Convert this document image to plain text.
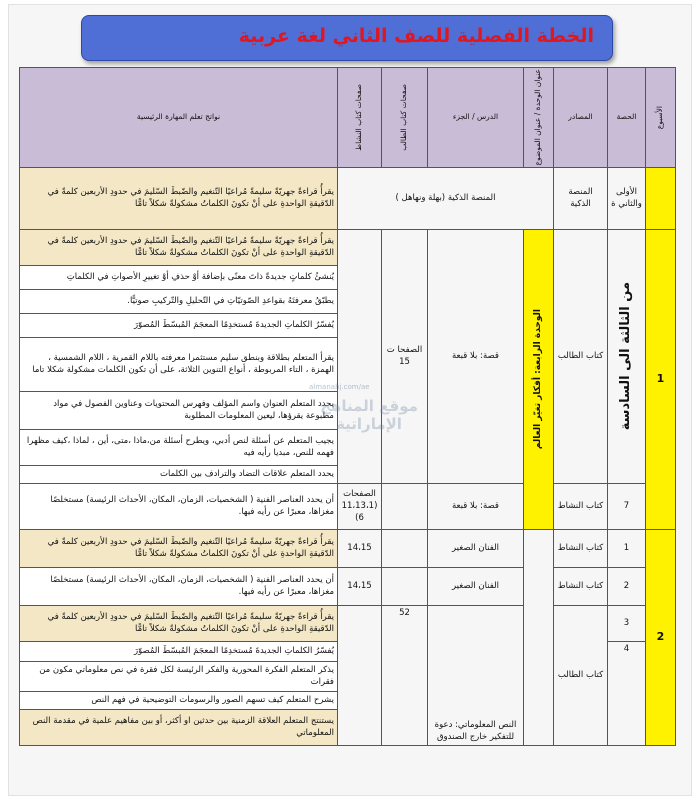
الخطة الفصلية للصف الثاني لغة عربية
الأسبوع	الحصة	المصادر	عنوان الوحدة / عنوان الموضوع	الدرس / الجزء	صفحات كتاب الطالب	صفحات كتاب النشاط	نواتج تعلم المهارة الرئيسية
	الأولى والثاني ة	المنصة الذكية	المنصة الذكية (بهلة ونهاهل )				يقرأُ قراءةً جهريّةً سليمةً مُراعيًا التّنغيم والضّبطَ السّليمَ في حدودِ الأربعين كلمةً في الدّقيقةِ الواحدةِ على أنْ تكونَ الكلماتُ مشكولةً شكلاً تامًّا
1	من الثالثة الى السادسة	كتاب الطالب	الوحدة الرابعة: أفكار تغيّر العالم	قصة: بلا قبعة	الصفحا ت 15		يقرأُ قراءةً جهريّةً سليمةً مُراعيًا التّنغيم والضّبطَ السّليمَ في حدودِ الأربعين كلمةً في الدّقيقةِ الواحدةِ على أنْ تكونَ الكلماتُ مشكولةً شكلاً تامًّا
							يُنشئُ كلماتٍ جديدةً ذاتَ معنًى بإضافة أوْ حذفِ أوْ تغييرِ الأصواتِ في الكلماتِ
							يطبّقُ معرفتَهُ بقواعدِ الصّوتيّاتِ في التّحليلِ والتّركيبِ صوتيًّا.
							يُفسّرُ الكلماتِ الجديدةَ مُستخدِمًا المعجَمَ المُبسّطَ المُصوّرَ
							يقرأ المتعلم بطلاقة وبنطق سليم مستثمرا معرفته باللام القمرية ، اللام الشمسية ، الهمزة ، التاء المربوطة ، أنواع التنوين الثلاثة، على أن تكون الكلمات مشكولة شكلا تاما
							يحدد المتعلم العنوان واسم المؤلف وفهرس المحتويات وعناوين الفصول في مواد مطبوعة يقرؤها، ليعين المعلومات المطلوبة
							يجيب المتعلم عن أسئلة لنص أدبي، ويطرح أسئلة من،ماذا ،متى، أين ، لماذا ،كيف مظهرا فهمه للنص، مبديا رأيه فيه
							يحدد المتعلم علاقات التضاد والترادف بين الكلمات
	7	كتاب النشاط		قصة: بلا قبعة		الصفحات (11،13،1 6)	أن يحدد العناصر الفنية ( الشخصيات، الزمان، المكان، الأحداث الرئيسة) مستخلصًا مغزاها، معبرًا عن رأيه فيها.
2	1	كتاب النشاط		الفنان الصغير		14،15	يقرأُ قراءةً جهريّةً سليمةً مُراعيًا التّنغيم والضّبطَ السّليمَ في حدودِ الأربعين كلمةً في الدّقيقةِ الواحدةِ على أنْ تكونَ الكلماتُ مشكولةً شكلاً تامًّا
	2	كتاب النشاط		الفنان الصغير		14،15	أن يحدد العناصر الفنية ( الشخصيات، الزمان، المكان، الأحداث الرئيسة) مستخلصًا مغزاها، معبرًا عن رأيه فيها.
	3	كتاب الطالب		النص المعلوماتي: دعوة للتفكير خارج الصندوق	52		يقرأُ قراءةً جهريّةً سليمةً مُراعيًا التّنغيم والضّبطَ السّليمَ في حدودِ الأربعين كلمةً في الدّقيقةِ الواحدةِ على أنْ تكونَ الكلماتُ مشكولةً شكلاً تامًّا
	4						يُفسّرُ الكلماتِ الجديدةَ مُستخدِمًا المعجَمَ المُبسّطَ المُصوّرَ
							يذكر المتعلم الفكرة المحورية والفكر الرئيسة لكل فقرة في نص معلوماتي مكون من فقرات
							يشرح المتعلم كيف تسهم الصور والرسومات التوضيحية في فهم النص
							يستنتج المتعلم العلاقة الزمنية بين حدثين او أكثر، أو بين مفاهيم علمية في مقدمة النص المعلوماتي
almanahj.com/ae
موقع المناهج الإماراتية
